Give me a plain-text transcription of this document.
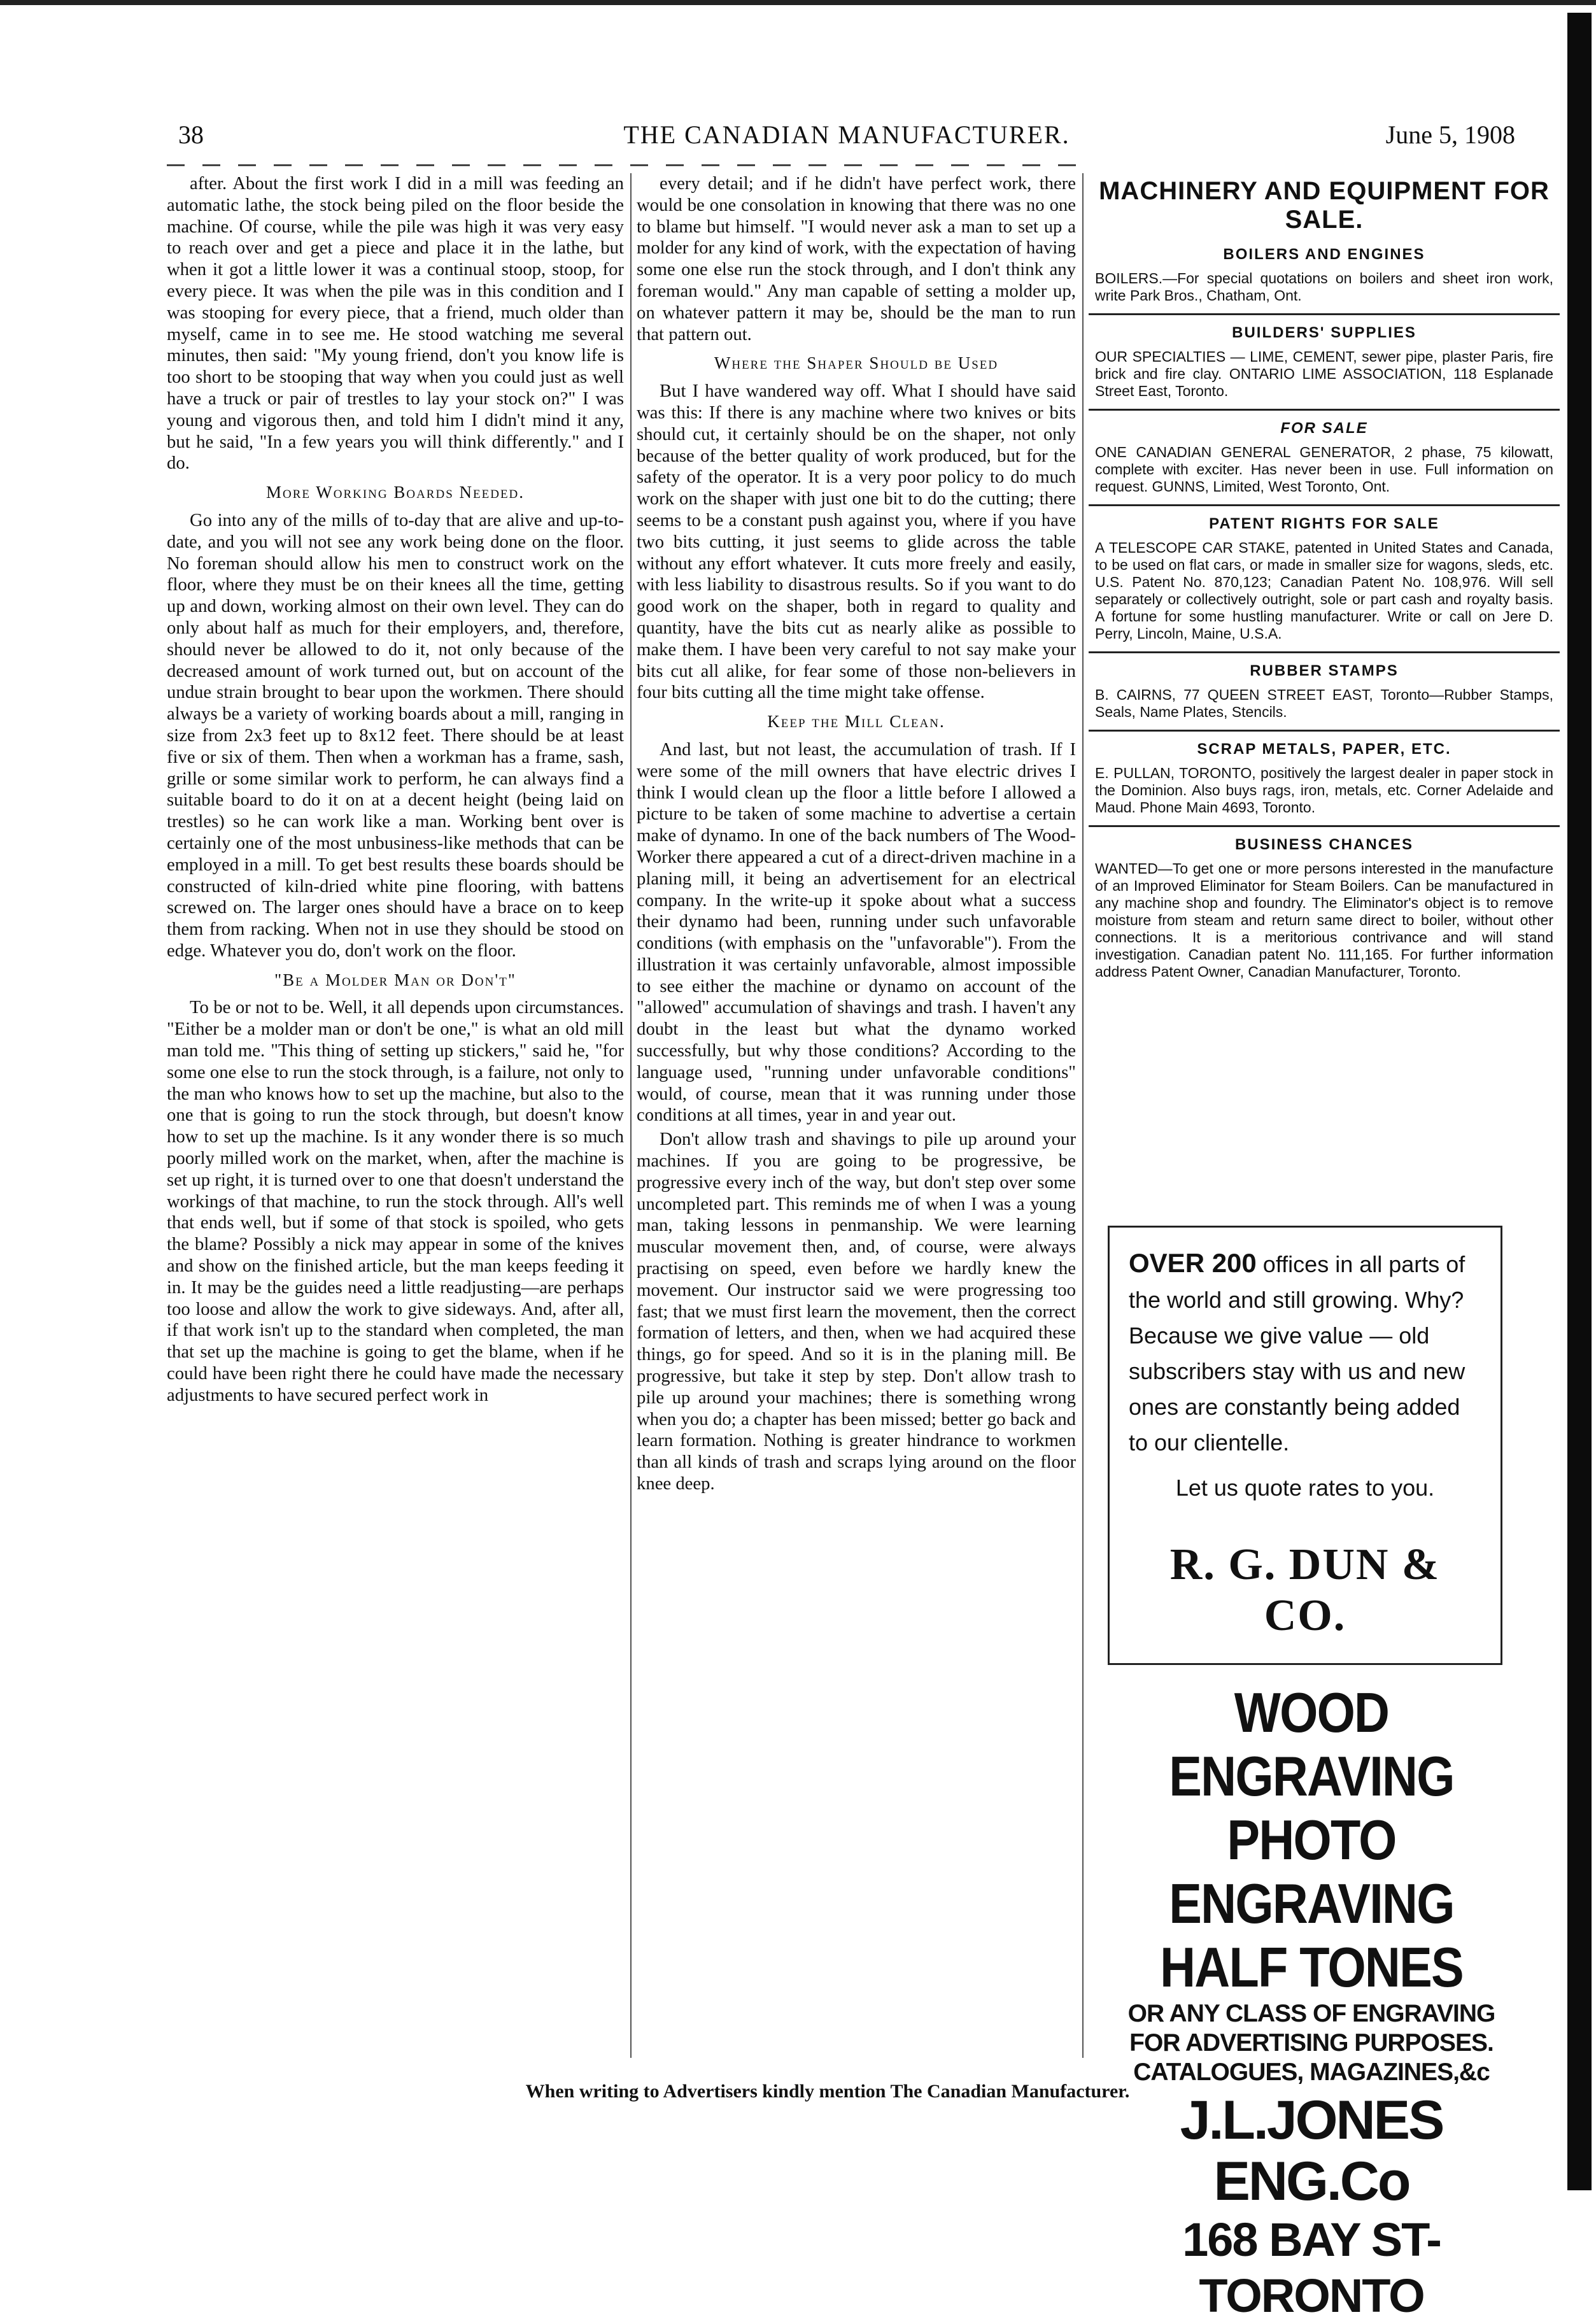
38	THE CANADIAN MANUFACTURER.	June 5, 1908

after. About the first work I did in a mill was feeding an automatic lathe, the stock being piled on the floor beside the machine. Of course, while the pile was high it was very easy to reach over and get a piece and place it in the lathe, but when it got a little lower it was a continual stoop, stoop, for every piece. It was when the pile was in this condition and I was stooping for every piece, that a friend, much older than myself, came in to see me. He stood watching me several minutes, then said: "My young friend, don't you know life is too short to be stooping that way when you could just as well have a truck or pair of trestles to lay your stock on?" I was young and vigorous then, and told him I didn't mind it any, but he said, "In a few years you will think differently." and I do.

More Working Boards Needed.

Go into any of the mills of to-day that are alive and up-to-date, and you will not see any work being done on the floor. No foreman should allow his men to construct work on the floor, where they must be on their knees all the time, getting up and down, working almost on their own level. They can do only about half as much for their employers, and, therefore, should never be allowed to do it, not only because of the decreased amount of work turned out, but on account of the undue strain brought to bear upon the workmen. There should always be a variety of working boards about a mill, ranging in size from 2x3 feet up to 8x12 feet. There should be at least five or six of them. Then when a workman has a frame, sash, grille or some similar work to perform, he can always find a suitable board to do it on at a decent height (being laid on trestles) so he can work like a man. Working bent over is certainly one of the most unbusiness-like methods that can be employed in a mill. To get best results these boards should be constructed of kiln-dried white pine flooring, with battens screwed on. The larger ones should have a brace on to keep them from racking. When not in use they should be stood on edge. Whatever you do, don't work on the floor.

"Be a Molder Man or Don't"

To be or not to be. Well, it all depends upon circumstances. "Either be a molder man or don't be one," is what an old mill man told me. "This thing of setting up stickers," said he, "for some one else to run the stock through, is a failure, not only to the man who knows how to set up the machine, but also to the one that is going to run the stock through, but doesn't know how to set up the machine. Is it any wonder there is so much poorly milled work on the market, when, after the machine is set up right, it is turned over to one that doesn't understand the workings of that machine, to run the stock through. All's well that ends well, but if some of that stock is spoiled, who gets the blame? Possibly a nick may appear in some of the knives and show on the finished article, but the man keeps feeding it in. It may be the guides need a little readjusting—are perhaps too loose and allow the work to give sideways. And, after all, if that work isn't up to the standard when completed, the man that set up the machine is going to get the blame, when if he could have been right there he could have made the necessary adjustments to have secured perfect work in

every detail; and if he didn't have perfect work, there would be one consolation in knowing that there was no one to blame but himself. "I would never ask a man to set up a molder for any kind of work, with the expectation of having some one else run the stock through, and I don't think any foreman would." Any man capable of setting a molder up, on whatever pattern it may be, should be the man to run that pattern out.

Where the Shaper Should be Used

But I have wandered way off. What I should have said was this: If there is any machine where two knives or bits should cut, it certainly should be on the shaper, not only because of the better quality of work produced, but for the safety of the operator. It is a very poor policy to do much work on the shaper with just one bit to do the cutting; there seems to be a constant push against you, where if you have two bits cutting, it just seems to glide across the table without any effort whatever. It cuts more freely and easily, with less liability to disastrous results. So if you want to do good work on the shaper, both in regard to quality and quantity, have the bits cut as nearly alike as possible to make them. I have been very careful to not say make your bits cut all alike, for fear some of those non-believers in four bits cutting all the time might take offense.

Keep the Mill Clean.

And last, but not least, the accumulation of trash. If I were some of the mill owners that have electric drives I think I would clean up the floor a little before I allowed a picture to be taken of some machine to advertise a certain make of dynamo. In one of the back numbers of The Wood-Worker there appeared a cut of a direct-driven machine in a planing mill, it being an advertisement for an electrical company. In the write-up it spoke about what a success their dynamo had been, running under such unfavorable conditions (with emphasis on the "unfavorable"). From the illustration it was certainly unfavorable, almost impossible to see either the machine or dynamo on account of the "allowed" accumulation of shavings and trash. I haven't any doubt in the least but what the dynamo worked successfully, but why those conditions? According to the language used, "running under unfavorable conditions" would, of course, mean that it was running under those conditions at all times, year in and year out.

Don't allow trash and shavings to pile up around your machines. If you are going to be progressive, be progressive every inch of the way, but don't step over some uncompleted part. This reminds me of when I was a young man, taking lessons in penmanship. We were learning muscular movement then, and, of course, were always practising on speed, even before we hardly knew the movement. Our instructor said we were progressing too fast; that we must first learn the movement, then the correct formation of letters, and then, when we had acquired these things, go for speed. And so it is in the planing mill. Be progressive, but take it step by step. Don't allow trash to pile up around your machines; there is something wrong when you do; a chapter has been missed; better go back and learn formation. Nothing is greater hindrance to workmen than all kinds of trash and scraps lying around on the floor knee deep.

MACHINERY AND EQUIPMENT FOR SALE.
BOILERS AND ENGINES
BOILERS.—For special quotations on boilers and sheet iron work, write Park Bros., Chatham, Ont.
BUILDERS' SUPPLIES
OUR SPECIALTIES — LIME, CEMENT, sewer pipe, plaster Paris, fire brick and fire clay. ONTARIO LIME ASSOCIATION, 118 Esplanade Street East, Toronto.
FOR SALE
ONE CANADIAN GENERAL GENERATOR, 2 phase, 75 kilowatt, complete with exciter. Has never been in use. Full information on request. GUNNS, Limited, West Toronto, Ont.
PATENT RIGHTS FOR SALE
A TELESCOPE CAR STAKE, patented in United States and Canada, to be used on flat cars, or made in smaller size for wagons, sleds, etc. U.S. Patent No. 870,123; Canadian Patent No. 108,976. Will sell separately or collectively outright, sole or part cash and royalty basis. A fortune for some hustling manufacturer. Write or call on Jere D. Perry, Lincoln, Maine, U.S.A.
RUBBER STAMPS
B. CAIRNS, 77 QUEEN STREET EAST, Toronto—Rubber Stamps, Seals, Name Plates, Stencils.
SCRAP METALS, PAPER, ETC.
E. PULLAN, TORONTO, positively the largest dealer in paper stock in the Dominion. Also buys rags, iron, metals, etc. Corner Adelaide and Maud. Phone Main 4693, Toronto.
BUSINESS CHANCES
WANTED—To get one or more persons interested in the manufacture of an Improved Eliminator for Steam Boilers. Can be manufactured in any machine shop and foundry. The Eliminator's object is to remove moisture from steam and return same direct to boiler, without other connections. It is a meritorious contrivance and will stand investigation. Canadian patent No. 111,165. For further information address Patent Owner, Canadian Manufacturer, Toronto.

OVER 200 offices in all parts of the world and still growing. Why? Because we give value — old subscribers stay with us and new ones are constantly being added to our clientelle.

Let us quote rates to you.
R. G. DUN & CO.
WOOD ENGRAVING
PHOTO ENGRAVING
HALF TONES
OR ANY CLASS OF ENGRAVING
FOR ADVERTISING PURPOSES.
CATALOGUES, MAGAZINES,&c
J.L.JONES ENG.Co
168 BAY ST-TORONTO
When writing to Advertisers kindly mention The Canadian Manufacturer.
